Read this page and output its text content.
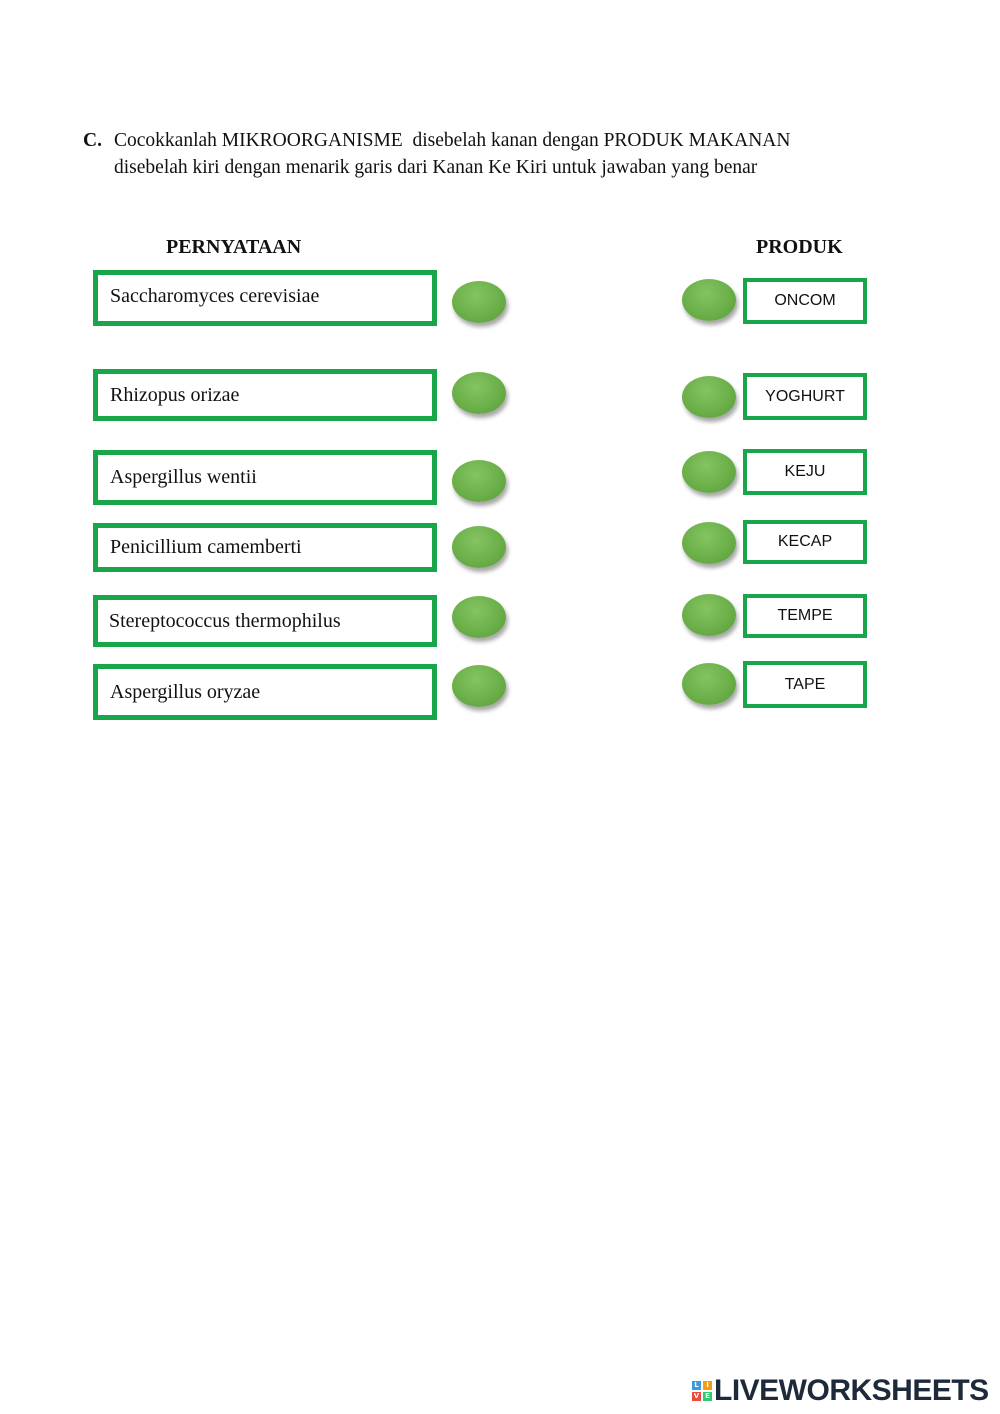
C. Cocokkanlah MIKROORGANISME  disebelah kanan dengan PRODUK MAKANAN
disebelah kiri dengan menarik garis dari Kanan Ke Kiri untuk jawaban yang benar
PERNYATAAN	PRODUK
Saccharomyces cerevisiae
Rhizopus orizae
Aspergillus wentii
Penicillium camemberti
Stereptococcus thermophilus
Aspergillus oryzae
ONCOM
YOGHURT
KEJU
KECAP
TEMPE
TAPE
L	I
V E LIVEWORKSHEETS
